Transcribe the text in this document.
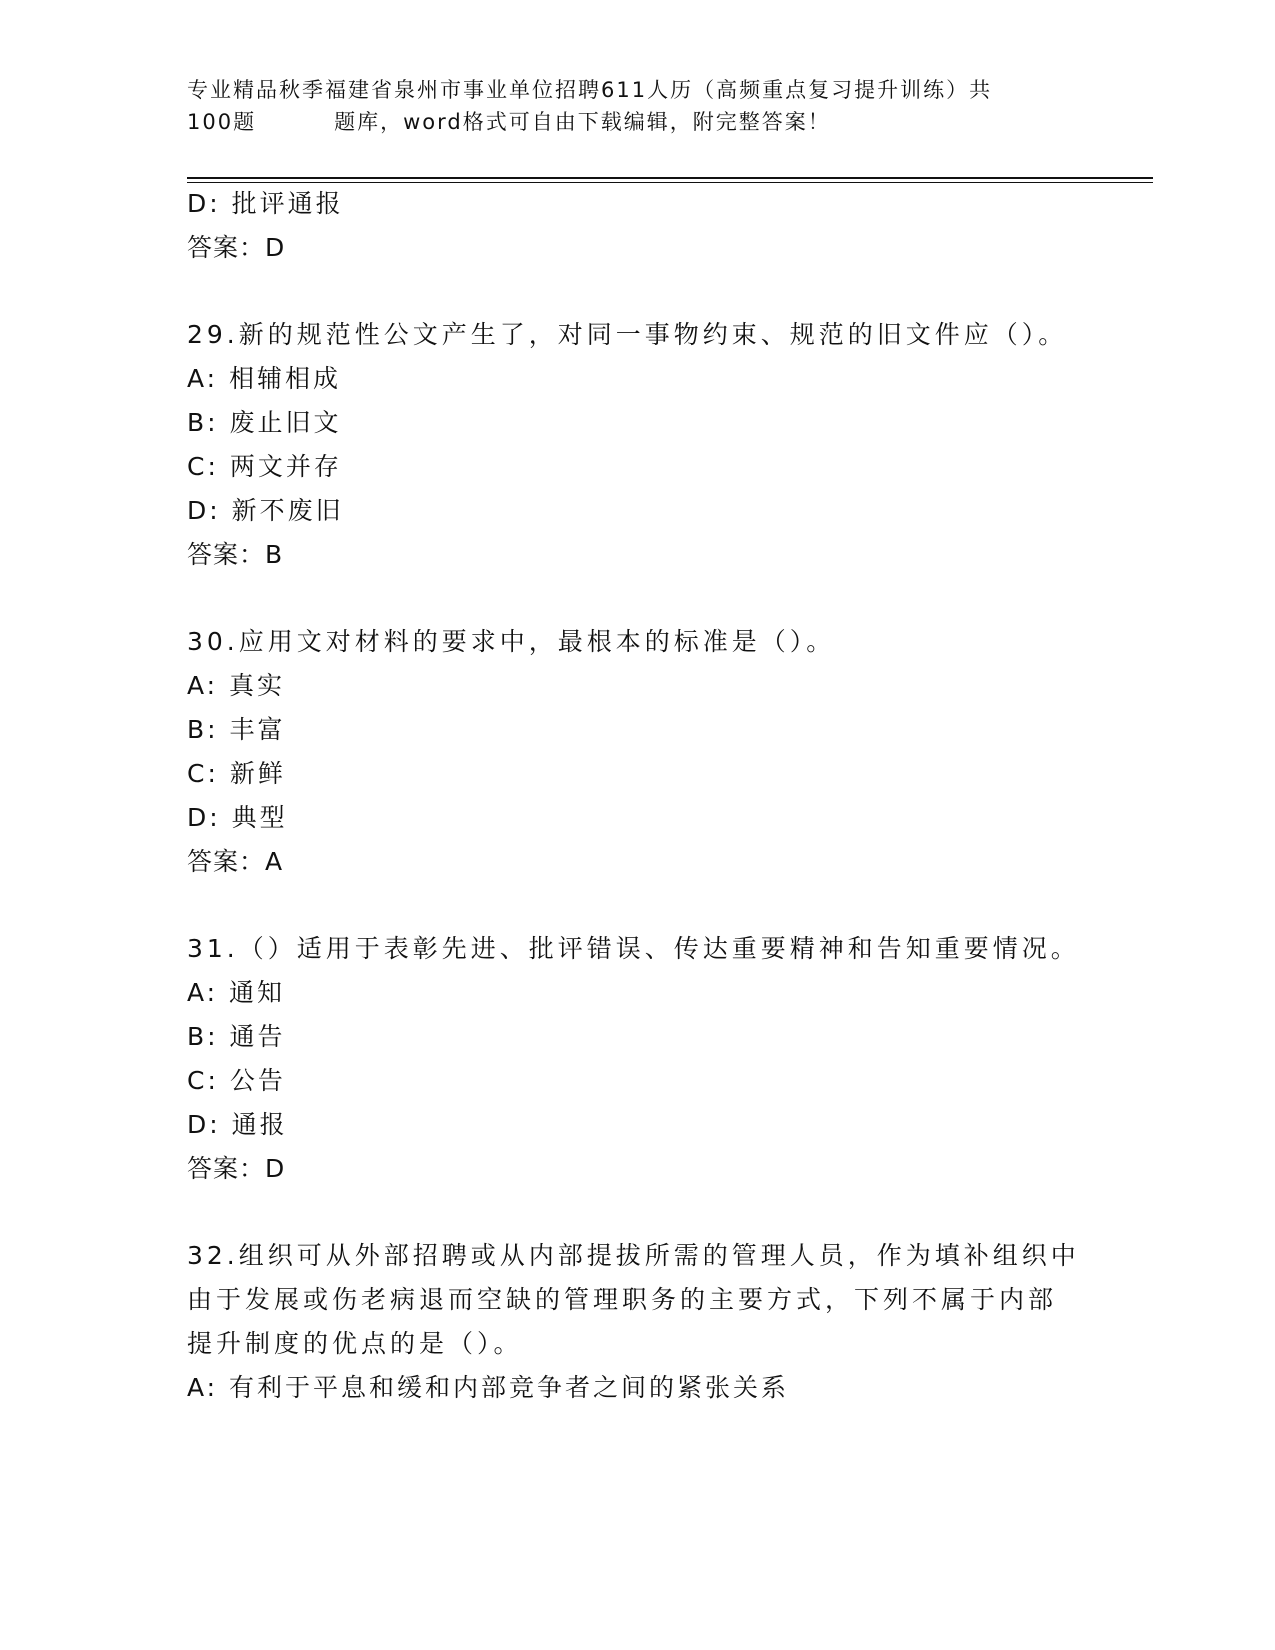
专业精品秋季福建省泉州市事业单位招聘611人历（高频重点复习提升训练）共
100题	题库，word格式可自由下载编辑，附完整答案！
D: 批评通报
答案：D
29.新的规范性公文产生了，对同一事物约束、规范的旧文件应（）。
A: 相辅相成
B: 废止旧文
C: 两文并存
D: 新不废旧
答案：B
30.应用文对材料的要求中，最根本的标准是（）。
A: 真实
B: 丰富
C: 新鲜
D: 典型
答案：A
31.（）适用于表彰先进、批评错误、传达重要精神和告知重要情况。
A: 通知
B: 通告
C: 公告
D: 通报
答案：D
32.组织可从外部招聘或从内部提拔所需的管理人员，作为填补组织中
由于发展或伤老病退而空缺的管理职务的主要方式，下列不属于内部
提升制度的优点的是（）。
A: 有利于平息和缓和内部竞争者之间的紧张关系
